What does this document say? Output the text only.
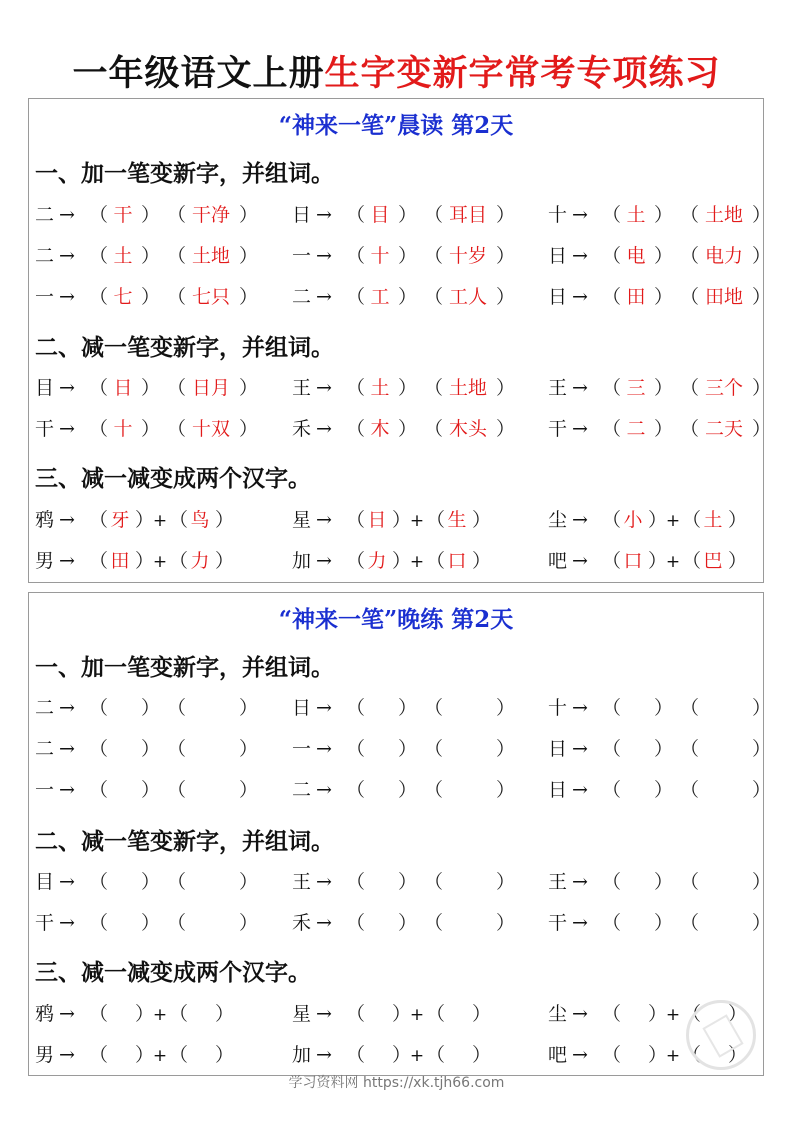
一年级语文上册生字变新字常考专项练习
“神来一笔”晨读 第2天
一、加一笔变新字，并组词。
二 → （ 干 ） （ 干净 ） 日 → （ 目 ） （ 耳目 ） 十 → （ 土 ） （ 土地 ）
二 → （ 土 ） （ 土地 ） 一 → （ 十 ） （ 十岁 ） 日 → （ 电 ） （ 电力 ）
一 → （ 七 ） （ 七只 ） 二 → （ 工 ） （ 工人 ） 日 → （ 田 ） （ 田地 ）
二、减一笔变新字，并组词。
目 → （ 日 ） （ 日月 ） 王 → （ 土 ） （ 土地 ） 王 → （ 三 ） （ 三个 ）
干 → （ 十 ） （ 十双 ） 禾 → （ 木 ） （ 木头 ） 干 → （ 二 ） （ 二天 ）
三、减一减变成两个汉字。
鸦 → （ 牙 ）+（ 鸟 ）	星 → （ 日 ）+（ 生 ）	尘 → （ 小 ）+（ 土 ）
男 → （ 田 ）+（ 力 ）	加 → （ 力 ）+（ 口 ）	吧 → （ 口 ）+（ 巴 ）
“神来一笔”晚练 第2天
一、加一笔变新字，并组词。
二 → （ ） （	） 日 → （ ） （	） 十 → （ ） （	）
二 → （ ） （	） 一 → （ ） （	） 日 → （ ） （	）
一 → （ ） （	） 二 → （ ） （	） 日 → （ ） （	）
二、减一笔变新字，并组词。
目 → （ ） （	） 王 → （ ） （	） 王 → （ ） （	）
干 → （ ） （	） 禾 → （ ） （	） 干 → （ ） （	）
三、减一减变成两个汉字。
鸦 → （ ）+（ ）	星 → （ ）+（ ）	尘 → （ ）+（ ）
男 → （ ）+（ ）	加 → （ ）+（ ）	吧 → （ ）+（ ）
学习资料网 https://xk.tjh66.com
